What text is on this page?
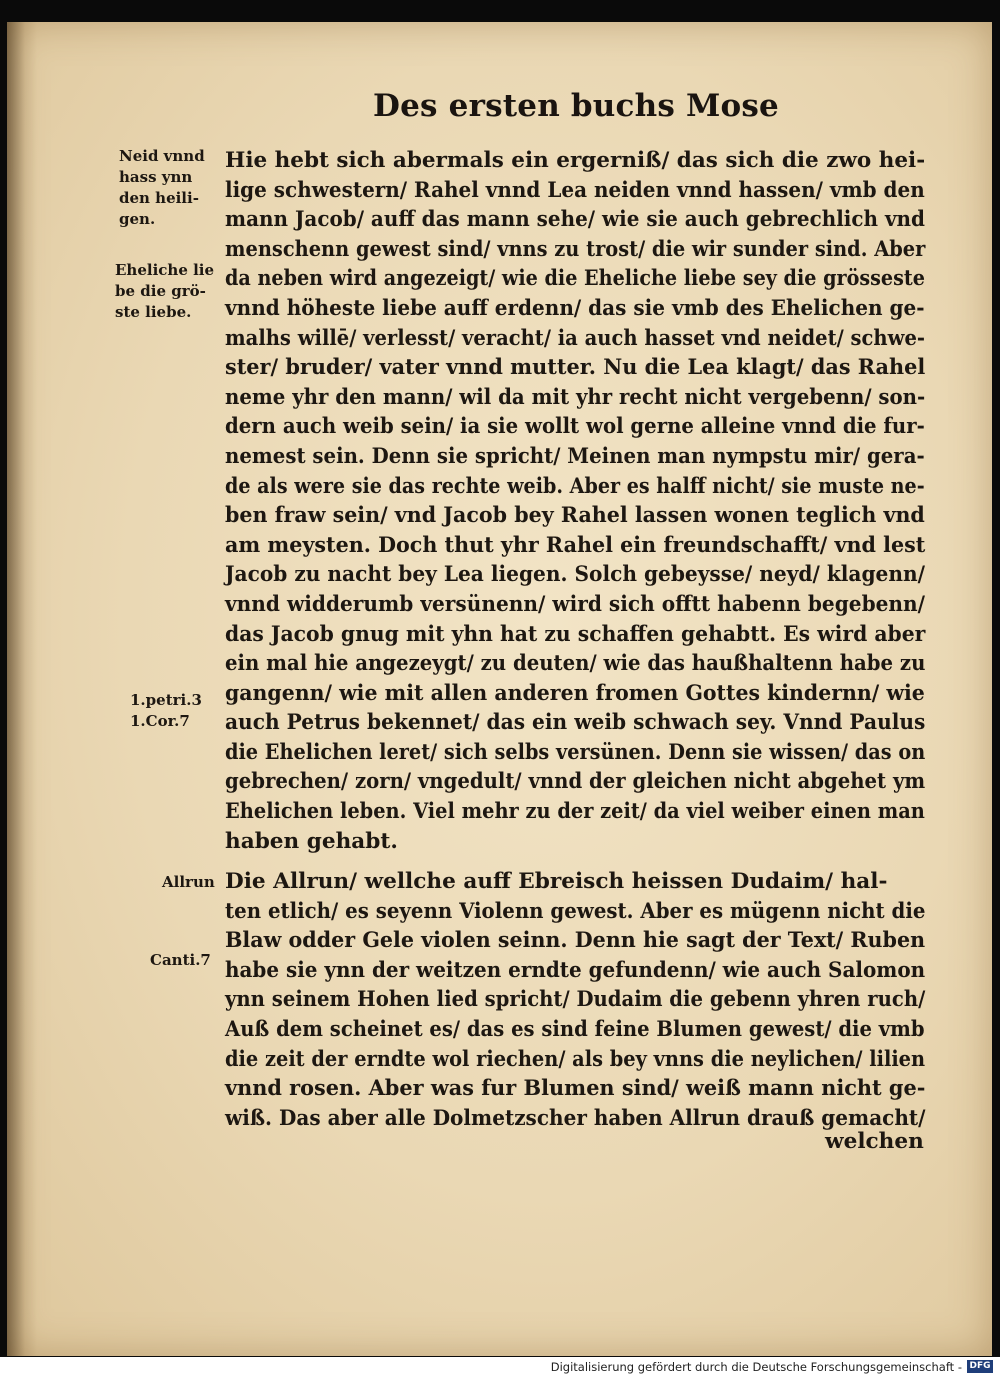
Des ersten buchs Mose
Neid vnnd
hass ynn
den heili-
gen.
Eheliche lie
be die grö-
ste liebe.
1.petri.3
1.Cor.7
Allrun
Canti.7
Hie hebt sich abermals ein ergerniß/ das sich die zwo hei-
lige schwestern/ Rahel vnnd Lea neiden vnnd hassen/ vmb den
mann Jacob/ auff das mann sehe/ wie sie auch gebrechlich vnd
menschenn gewest sind/ vnns zu trost/ die wir sunder sind. Aber
da neben wird angezeigt/ wie die Eheliche liebe sey die grösseste
vnnd höheste liebe auff erdenn/ das sie vmb des Ehelichen ge-
malhs willē/ verlesst/ veracht/ ia auch hasset vnd neidet/ schwe-
ster/ bruder/ vater vnnd mutter. Nu die Lea klagt/ das Rahel
neme yhr den mann/ wil da mit yhr recht nicht vergebenn/ son-
dern auch weib sein/ ia sie wollt wol gerne alleine vnnd die fur-
nemest sein. Denn sie spricht/ Meinen man nympstu mir/ gera-
de als were sie das rechte weib. Aber es halff nicht/ sie muste ne-
ben fraw sein/ vnd Jacob bey Rahel lassen wonen teglich vnd
am meysten. Doch thut yhr Rahel ein freundschafft/ vnd lest
Jacob zu nacht bey Lea liegen. Solch gebeysse/ neyd/ klagenn/
vnnd widderumb versünenn/ wird sich offtt habenn begebenn/
das Jacob gnug mit yhn hat zu schaffen gehabtt. Es wird aber
ein mal hie angezeygt/ zu deuten/ wie das haußhaltenn habe zu
gangenn/ wie mit allen anderen fromen Gottes kindernn/ wie
auch Petrus bekennet/ das ein weib schwach sey. Vnnd Paulus
die Ehelichen leret/ sich selbs versünen. Denn sie wissen/ das on
gebrechen/ zorn/ vngedult/ vnnd der gleichen nicht abgehet ym
Ehelichen leben. Viel mehr zu der zeit/ da viel weiber einen man
haben gehabt.
Die Allrun/ wellche auff Ebreisch heissen Dudaim/ hal-
ten etlich/ es seyenn Violenn gewest. Aber es mügenn nicht die
Blaw odder Gele violen seinn. Denn hie sagt der Text/ Ruben
habe sie ynn der weitzen erndte gefundenn/ wie auch Salomon
ynn seinem Hohen lied spricht/ Dudaim die gebenn yhren ruch/
Auß dem scheinet es/ das es sind feine Blumen gewest/ die vmb
die zeit der erndte wol riechen/ als bey vnns die neylichen/ lilien
vnnd rosen. Aber was fur Blumen sind/ weiß mann nicht ge-
wiß. Das aber alle Dolmetzscher haben Allrun drauß gemacht/
welchen
Digitalisierung gefördert durch die Deutsche Forschungsgemeinschaft - DFG
